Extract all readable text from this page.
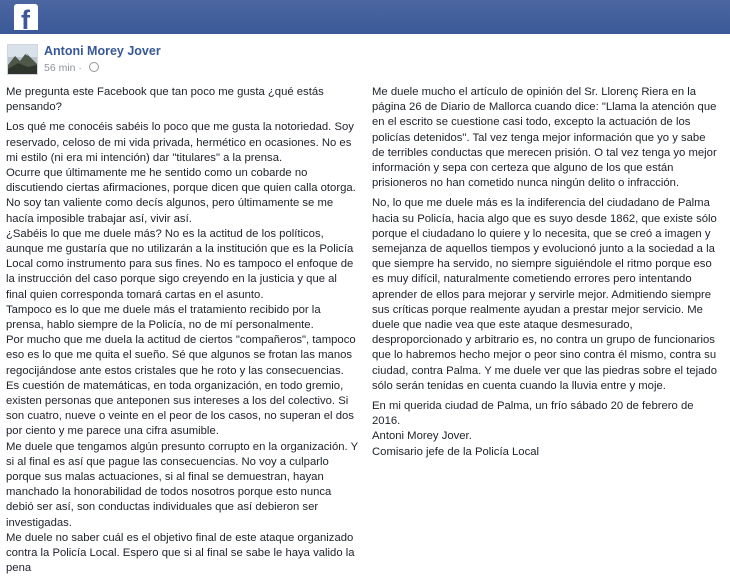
f
Antoni Morey Jover
56 min ·

Me pregunta este Facebook que tan poco me gusta ¿qué estás pensando?

Los qué me conocéis sabéis lo poco que me gusta la notoriedad. Soy reservado, celoso de mi vida privada, hermético en ocasiones. No es mi estilo (ni era mi intención) dar "titulares" a la prensa.

Ocurre que últimamente me he sentido como un cobarde no discutiendo ciertas afirmaciones, porque dicen que quien calla otorga. No soy tan valiente como decís algunos, pero últimamente se me hacía imposible trabajar así, vivir así.

¿Sabéis lo que me duele más? No es la actitud de los políticos, aunque me gustaría que no utilizarán a la institución que es la Policía Local como instrumento para sus fines. No es tampoco el enfoque de la instrucción del caso porque sigo creyendo en la justicia y que al final quien corresponda tomará cartas en el asunto.

Tampoco es lo que me duele más el tratamiento recibido por la prensa, hablo siempre de la Policía, no de mí personalmente.

Por mucho que me duela la actitud de ciertos "compañeros", tampoco eso es lo que me quita el sueño. Sé que algunos se frotan las manos regocijándose ante estos cristales que he roto y las consecuencias. Es cuestión de matemáticas, en toda organización, en todo gremio, existen personas que anteponen sus intereses a los del colectivo. Si son cuatro, nueve o veinte en el peor de los casos, no superan el dos por ciento y me parece una cifra asumible.

Me duele que tengamos algún presunto corrupto en la organización. Y si al final es así que pague las consecuencias. No voy a culparlo porque sus malas actuaciones, si al final se demuestran, hayan manchado la honorabilidad de todos nosotros porque esto nunca debió ser así, son conductas individuales que así debieron ser investigadas.

Me duele no saber cuál es el objetivo final de este ataque organizado contra la Policía Local. Espero que si al final se sabe le haya valido la pena

Me duele mucho el artículo de opinión del Sr. Llorenç Riera en la página 26 de Diario de Mallorca cuando dice: "Llama la atención que en el escrito se cuestione casi todo, excepto la actuación de los policías detenidos". Tal vez tenga mejor información que yo y sabe de terribles conductas que merecen prisión. O tal vez tenga yo mejor información y sepa con certeza que alguno de los que están prisioneros no han cometido nunca ningún delito o infracción.

No, lo que me duele más es la indiferencia del ciudadano de Palma hacia su Policía, hacia algo que es suyo desde 1862, que existe sólo porque el ciudadano lo quiere y lo necesita, que se creó a imagen y semejanza de aquellos tiempos y evolucionó junto a la sociedad a la que siempre ha servido, no siempre siguiéndole el ritmo porque eso es muy difícil, naturalmente cometiendo errores pero intentando aprender de ellos para mejorar y servirle mejor. Admitiendo siempre sus críticas porque realmente ayudan a prestar mejor servicio. Me duele que nadie vea que este ataque desmesurado, desproporcionado y arbitrario es, no contra un grupo de funcionarios que lo habremos hecho mejor o peor sino contra él mismo, contra su ciudad, contra Palma. Y me duele ver que las piedras sobre el tejado sólo serán tenidas en cuenta cuando la lluvia entre y moje.

En mi querida ciudad de Palma, un frío sábado 20 de febrero de 2016.

Antoni Morey Jover.

Comisario jefe de la Policía Local
